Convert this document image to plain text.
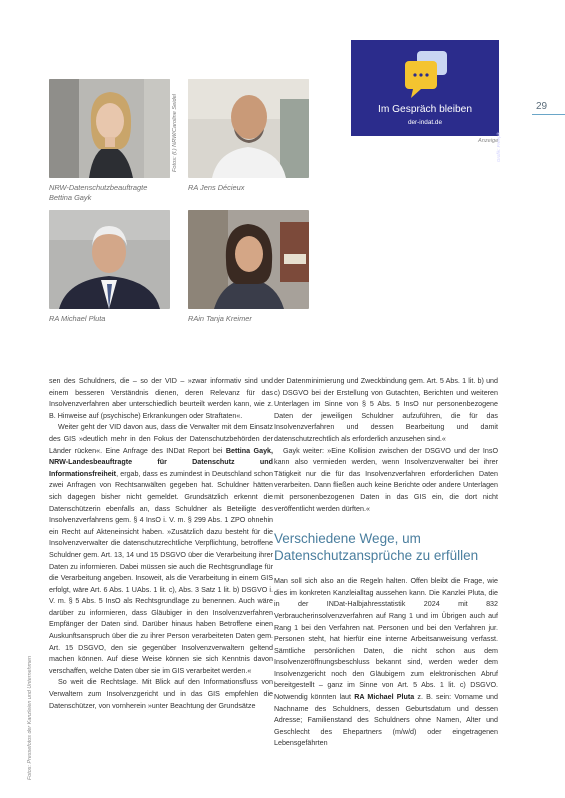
Fotos: (l.) NRW/Caroline Seidel
NRW-Datenschutzbeauftragte
Bettina Gayk
RA Jens Décieux
RA Michael Pluta	RAin Tanja Kreimer
Im Gespräch bleiben
der-indat.de
Grafik: Freepik
Anzeige
29
Fotos: Pressefotos der Kanzleien und Unternehmen

sen des Schuldners, die – so der VID – »zwar informativ sind und einem besseren Verständnis dienen, deren Relevanz für das Insolvenzverfahren aber unterschiedlich beurteilt werden kann, wie z. B. Hinweise auf (psychische) Erkrankungen oder Straftaten«.

Weiter geht der VID davon aus, dass die Verwalter mit dem Einsatz des GIS »deutlich mehr in den Fokus der Datenschutzbehörden der Länder rücken«. Eine Anfrage des INDat Report bei Bettina Gayk, NRW-Landesbeauftragte für Datenschutz und Informationsfreiheit, ergab, dass es zumindest in Deutschland schon zwei Anfragen von Rechtsanwälten gegeben hat. Schuldner hätten sich dagegen bisher nicht gemeldet. Grundsätzlich erkennt die Datenschützerin ebenfalls an, dass Schuldner als Beteiligte des Insolvenzverfahrens gem. § 4 InsO i. V. m. § 299 Abs. 1 ZPO ohnehin ein Recht auf Akteneinsicht haben. »Zusätzlich dazu besteht für die Insolvenzverwalter die datenschutzrechtliche Verpflichtung, betroffene Schuldner gem. Art. 13, 14 und 15 DSGVO über die Verarbeitung ihrer Daten zu informieren. Dabei müssen sie auch die Rechtsgrundlage für die Verarbeitung angeben. Insoweit, als die Verarbeitung in einem GIS erfolgt, wäre Art. 6 Abs. 1 UAbs. 1 lit. c), Abs. 3 Satz 1 lit. b) DSGVO i. V. m. § 5 Abs. 5 InsO als Rechtsgrundlage zu benennen. Auch wäre darüber zu informieren, dass Gläubiger in den Insolvenzverfahren Empfänger der Daten sind. Darüber hinaus haben Betroffene einen Auskunftsanspruch über die zu ihrer Person verarbeiteten Daten gem. Art. 15 DSGVO, den sie gegenüber Insolvenzverwaltern geltend machen können. Auf diese Weise können sie sich Kenntnis davon verschaffen, welche Daten über sie im GIS verarbeitet werden.«

So weit die Rechtslage. Mit Blick auf den Informationsfluss von Verwaltern zum Insolvenzgericht und in das GIS empfehlen die Datenschützer, von vornherein »unter Beachtung der Grundsätze

der Datenminimierung und Zweckbindung gem. Art. 5 Abs. 1 lit. b) und c) DSGVO bei der Erstellung von Gutachten, Berichten und weiteren Unterlagen im Sinne von § 5 Abs. 5 InsO nur personenbezogene Daten der jeweiligen Schuldner aufzuführen, die für das Insolvenzverfahren und dessen Bearbeitung und damit datenschutzrechtlich als erforderlich anzusehen sind.«

Gayk weiter: »Eine Kollision zwischen der DSGVO und der InsO kann also vermieden werden, wenn Insolvenzverwalter bei ihrer Tätigkeit nur die für das Insolvenzverfahren erforderlichen Daten verarbeiten. Dann fließen auch keine Berichte oder andere Unterlagen mit personenbezogenen Daten in das GIS ein, die dort nicht veröffentlicht werden dürften.«

Verschiedene Wege, um Datenschutzansprüche zu erfüllen

Man soll sich also an die Regeln halten. Offen bleibt die Frage, wie dies im konkreten Kanzleialltag aussehen kann. Die Kanzlei Pluta, die in der INDat-Halbjahresstatistik 2024 mit 832 Verbraucherinsolvenzverfahren auf Rang 1 und im Übrigen auch auf Rang 1 bei den Verfahren nat. Personen und bei den Verfahren jur. Personen steht, hat hierfür eine interne Arbeitsanweisung verfasst. Sämtliche persönlichen Daten, die nicht schon aus dem Insolvenzeröffnungsbeschluss bekannt sind, werden weder dem Insolvenzgericht noch den Gläubigern zum elektronischen Abruf bereitgestellt – ganz im Sinne von Art. 5 Abs. 1 lit. c) DSGVO. Notwendig könnten laut RA Michael Pluta z. B. sein: Vorname und Nachname des Schuldners, dessen Geburtsdatum und dessen Adresse; Familienstand des Schuldners ohne Namen, Alter und Geschlecht des Ehepartners (m/w/d) oder eingetragenen Lebensgefährten
